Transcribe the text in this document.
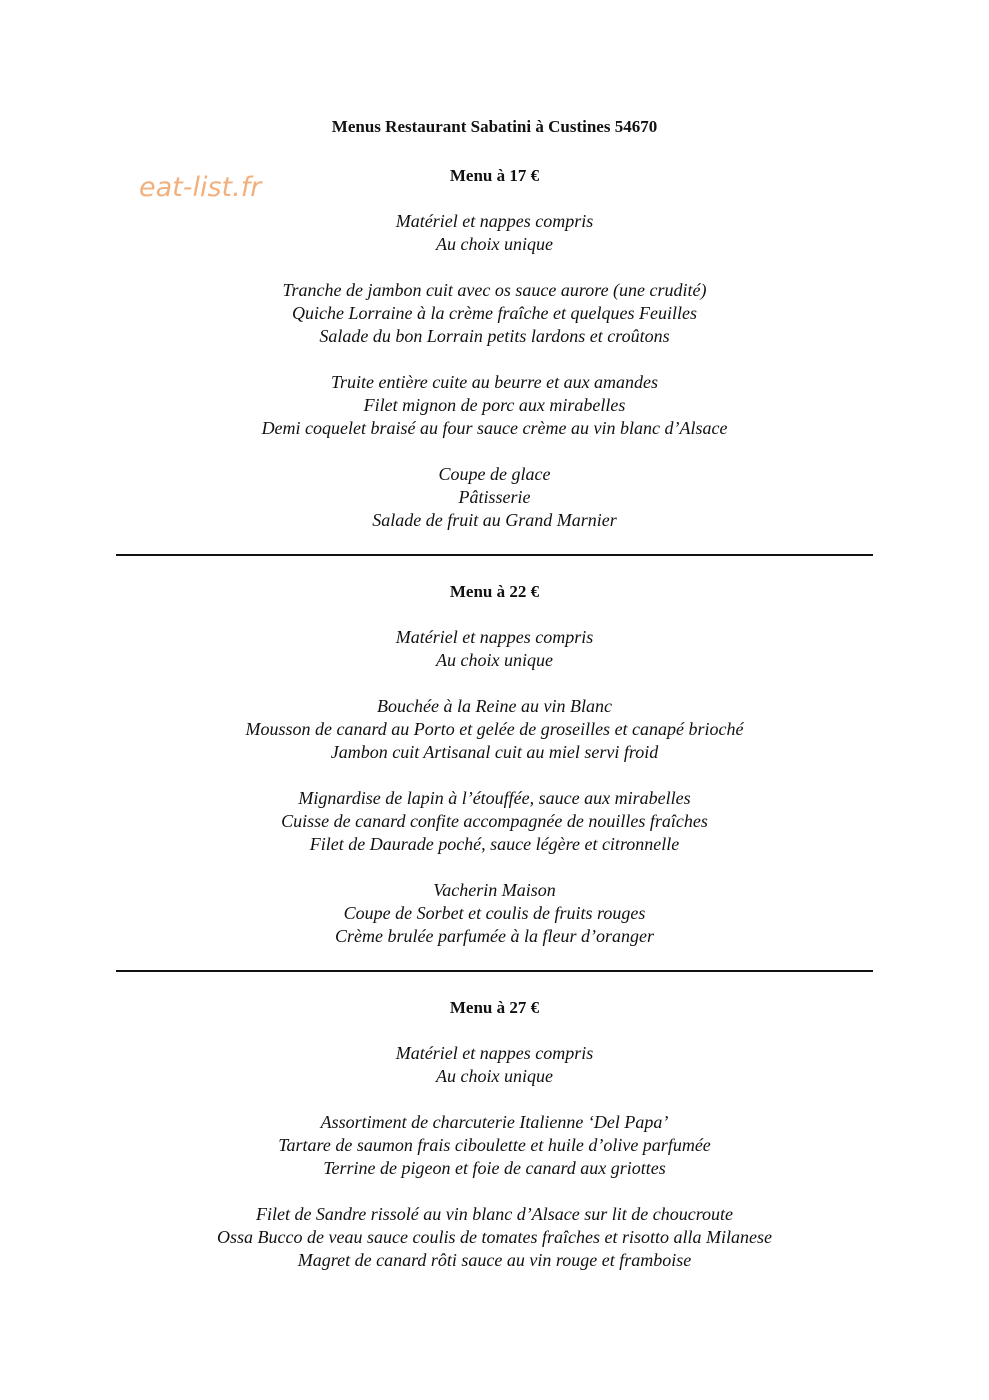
eat-list.fr
Menus Restaurant Sabatini à Custines 54670
Menu à 17 €
Matériel et nappes compris
Au choix unique
Tranche de jambon cuit avec os sauce aurore (une crudité)
Quiche Lorraine à la crème fraîche et quelques Feuilles
Salade du bon Lorrain petits lardons et croûtons
Truite entière cuite au beurre et aux amandes
Filet mignon de porc aux mirabelles
Demi coquelet braisé au four sauce crème au vin blanc d’Alsace
Coupe de glace
Pâtisserie
Salade de fruit au Grand Marnier
Menu à 22 €
Matériel et nappes compris
Au choix unique
Bouchée à la Reine au vin Blanc
Mousson de canard au Porto et gelée de groseilles et canapé brioché
Jambon cuit Artisanal cuit au miel servi froid
Mignardise de lapin à l’étouffée, sauce aux mirabelles
Cuisse de canard confite accompagnée de nouilles fraîches
Filet de Daurade poché, sauce légère et citronnelle
Vacherin Maison
Coupe de Sorbet et coulis de fruits rouges
Crème brulée parfumée à la fleur d’oranger
Menu à 27 €
Matériel et nappes compris
Au choix unique
Assortiment de charcuterie Italienne ‘Del Papa’
Tartare de saumon frais ciboulette et huile d’olive parfumée
Terrine de pigeon et foie de canard aux griottes
Filet de Sandre rissolé au vin blanc d’Alsace sur lit de choucroute
Ossa Bucco de veau sauce coulis de tomates fraîches et risotto alla Milanese
Magret de canard rôti sauce au vin rouge et framboise
